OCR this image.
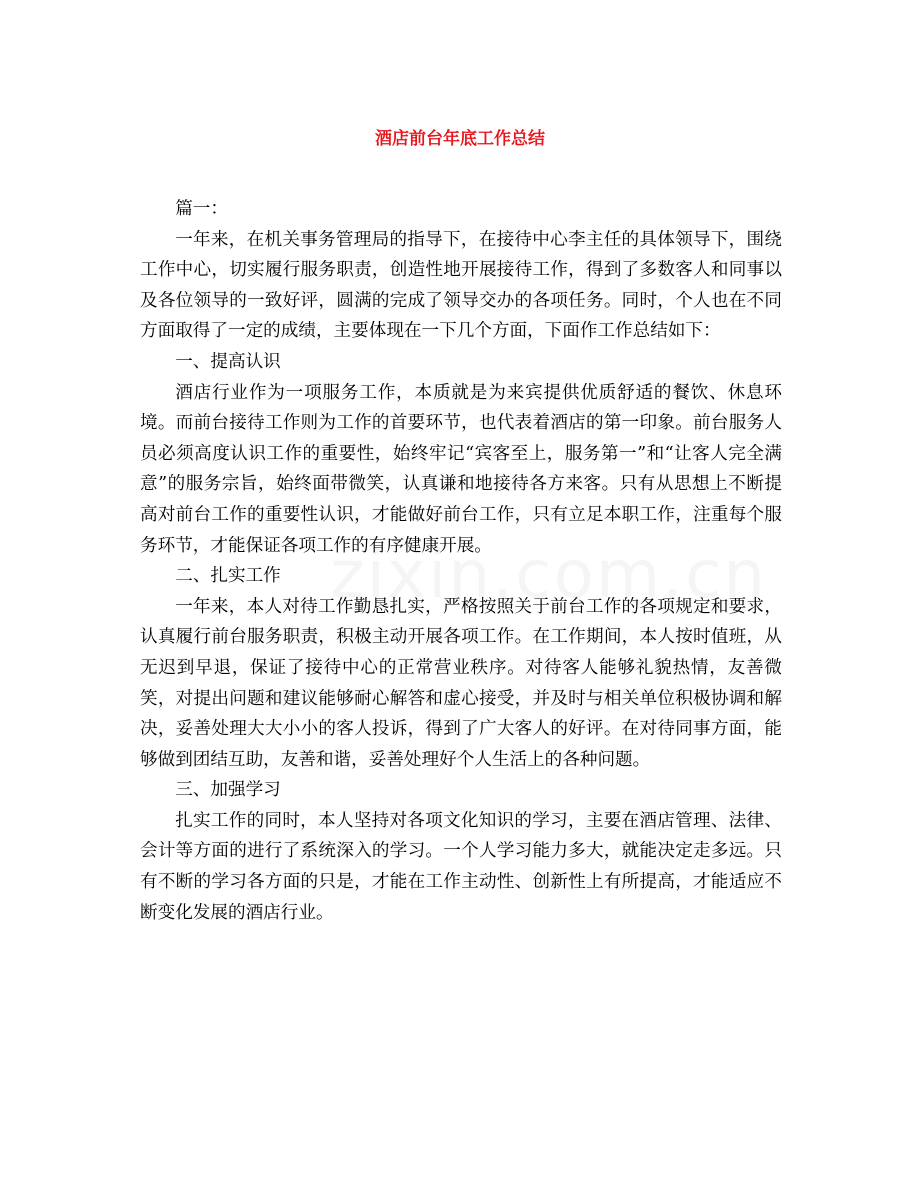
酒店前台年底工作总结

篇一：

一年来，在机关事务管理局的指导下，在接待中心李主任的具体领导下，围绕工作中心，切实履行服务职责，创造性地开展接待工作，得到了多数客人和同事以及各位领导的一致好评，圆满的完成了领导交办的各项任务。同时，个人也在不同方面取得了一定的成绩，主要体现在一下几个方面，下面作工作总结如下：

一、提高认识

酒店行业作为一项服务工作，本质就是为来宾提供优质舒适的餐饮、休息环境。而前台接待工作则为工作的首要环节，也代表着酒店的第一印象。前台服务人员必须高度认识工作的重要性，始终牢记“宾客至上，服务第一”和“让客人完全满意”的服务宗旨，始终面带微笑，认真谦和地接待各方来客。只有从思想上不断提高对前台工作的重要性认识，才能做好前台工作，只有立足本职工作，注重每个服务环节，才能保证各项工作的有序健康开展。

二、扎实工作

一年来，本人对待工作勤恳扎实，严格按照关于前台工作的各项规定和要求，认真履行前台服务职责，积极主动开展各项工作。在工作期间，本人按时值班，从无迟到早退，保证了接待中心的正常营业秩序。对待客人能够礼貌热情，友善微笑，对提出问题和建议能够耐心解答和虚心接受，并及时与相关单位积极协调和解决，妥善处理大大小小的客人投诉，得到了广大客人的好评。在对待同事方面，能够做到团结互助，友善和谐，妥善处理好个人生活上的各种问题。

三、加强学习

扎实工作的同时，本人坚持对各项文化知识的学习，主要在酒店管理、法律、会计等方面的进行了系统深入的学习。一个人学习能力多大，就能决定走多远。只有不断的学习各方面的只是，才能在工作主动性、创新性上有所提高，才能适应不断变化发展的酒店行业。
